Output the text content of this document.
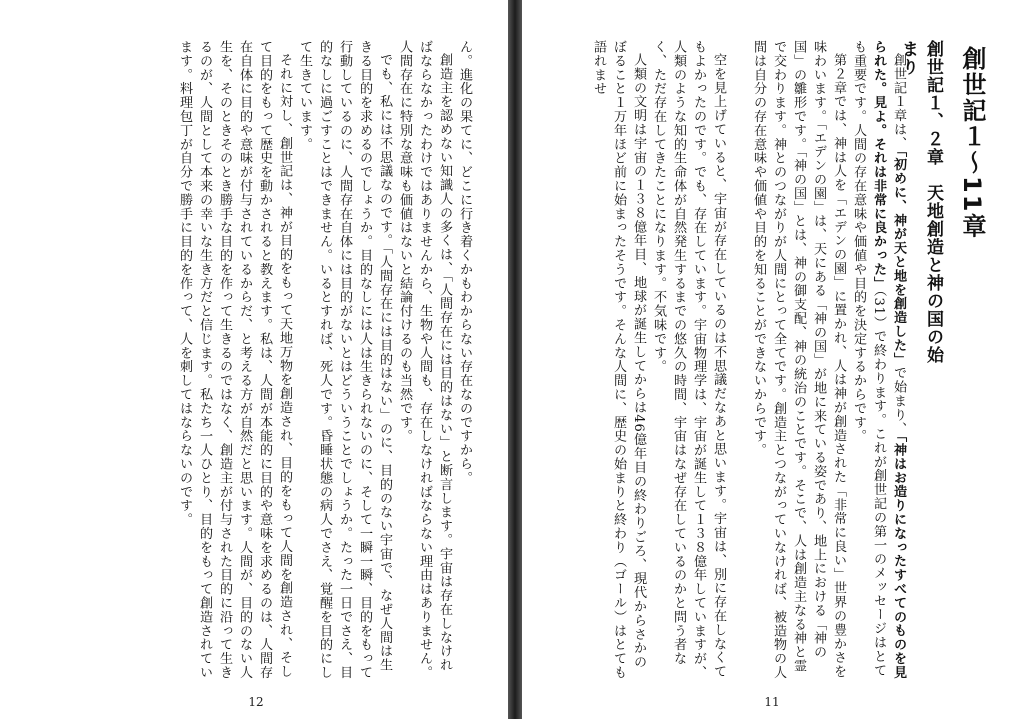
ん。進化の果てに、どこに行き着くかもわからない存在なのですから。

創造主を認めない知識人の多くは、「人間存在には目的はない」と断言します。宇宙は存在しなければならなかったわけではありませんから、生物や人間も、存在しなければならない理由はありません。人間存在に特別な意味も価値はないと結論付けるのも当然です。

でも、私には不思議なのです。「人間存在には目的はない」のに、目的のない宇宙で、なぜ人間は生きる目的を求めるのでしょうか。目的なしには人は生きられないのに、そして一瞬一瞬、目的をもって行動しているのに、人間存在自体には目的がないとはどういうことでしょうか。たった一日でさえ、目的なしに過ごすことはできません。いるとすれば、死人です。昏睡状態の病人でさえ、覚醒を目的にして生きています。

それに対し、創世記は、神が目的をもって天地万物を創造され、目的をもって人間を創造され、そして目的をもって歴史を動かされると教えます。私は、人間が本能的に目的や意味を求めるのは、人間存在自体に目的や意味が付与されているからだ、と考える方が自然だと思います。人間が、目的のない人生を、そのときそのとき勝手な目的を作って生きるのではなく、創造主が付与された目的に沿って生きるのが、人間として本来の幸いな生き方だと信じます。私たち一人ひとり、目的をもって創造されています。料理包丁が自分で勝手に目的を作って、人を刺してはならないのです。

12
創世記１～11章
創世記１、２章　天地創造と神の国の始まり

創世記１章は、「初めに、神が天と地を創造した」で始まり、「神はお造りになったすべてのものを見られた。見よ。それは非常に良かった」（31）で終わります。これが創世記の第一のメッセージはとても重要です。人間の存在意味や価値や目的を決定するからです。

第２章では、神は人を「エデンの園」に置かれ、人は神が創造された「非常に良い」世界の豊かさを味わいます。「エデンの園」は、天にある「神の国」が地に来ている姿であり、地上における「神の国」の雛形です。「神の国」とは、神の御支配、神の統治のことです。そこで、人は創造主なる神と霊で交わります。神とのつながりが人間にとって全てです。創造主とつながっていなければ、被造物の人間は自分の存在意味や価値や目的を知ることができないからです。

空を見上げていると、宇宙が存在しているのは不思議だなあと思います。宇宙は、別に存在しなくてもよかったのです。でも、存在しています。宇宙物理学は、宇宙が誕生して１３８億年していますが、人類のような知的生命体が自然発生するまでの悠久の時間、宇宙はなぜ存在しているのかと問う者なく、ただ存在してきたことになります。不気味です。

人類の文明は宇宙の１３８億年目、地球が誕生してからは46億年目の終わりごろ、現代からさかのぼること１万年ほど前に始まったそうです。そんな人間に、歴史の始まりと終わり（ゴール）はとても語れませ

11
